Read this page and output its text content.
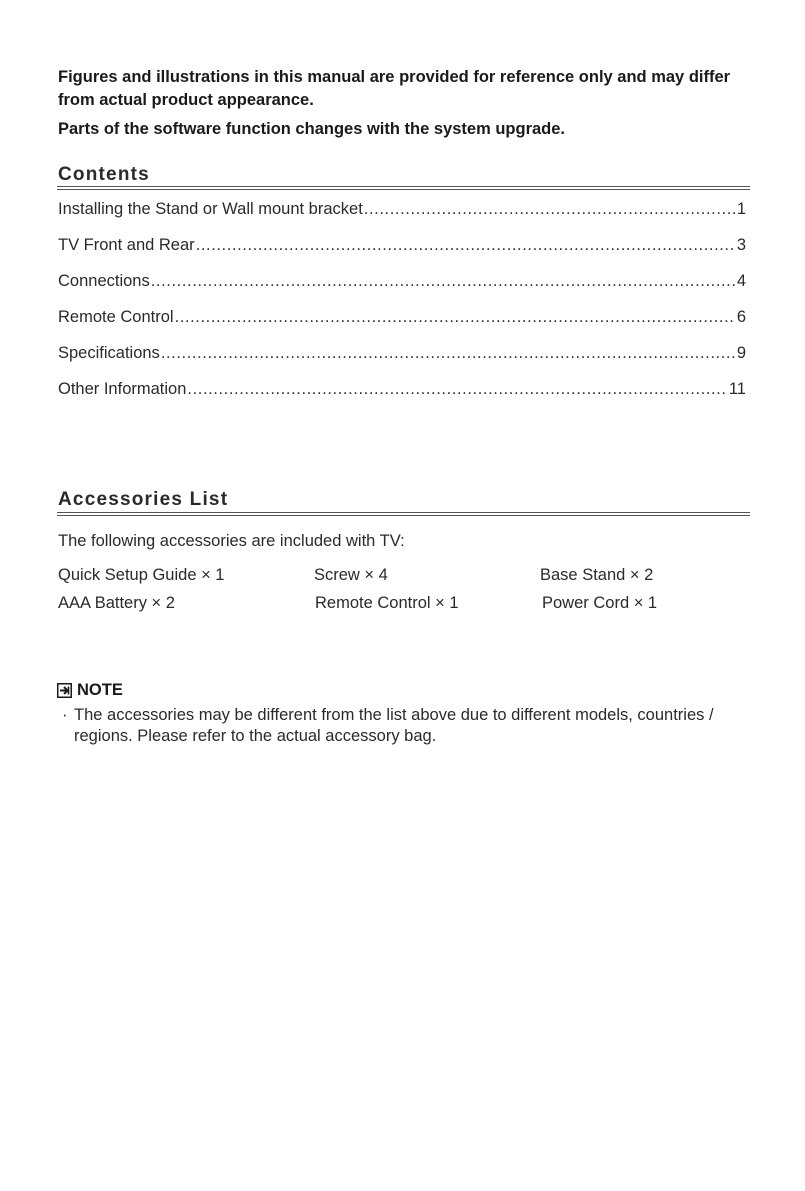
Figures and illustrations in this manual are provided for reference only and may differ from actual product appearance.

Parts of the software function changes with the system upgrade.

Contents
Installing the Stand or Wall mount bracket .....	1
TV Front and Rear .....	3
Connections .....	4
Remote Control .....	6
Specifications .....	9
Other Information .....	11
Accessories List
The following accessories are included with TV:
Quick Setup Guide × 1	Screw × 4	Base Stand × 2
AAA Battery × 2	Remote Control × 1	Power Cord × 1
NOTE
· The accessories may be different from the list above due to different models, countries / regions. Please refer to the actual accessory bag.
